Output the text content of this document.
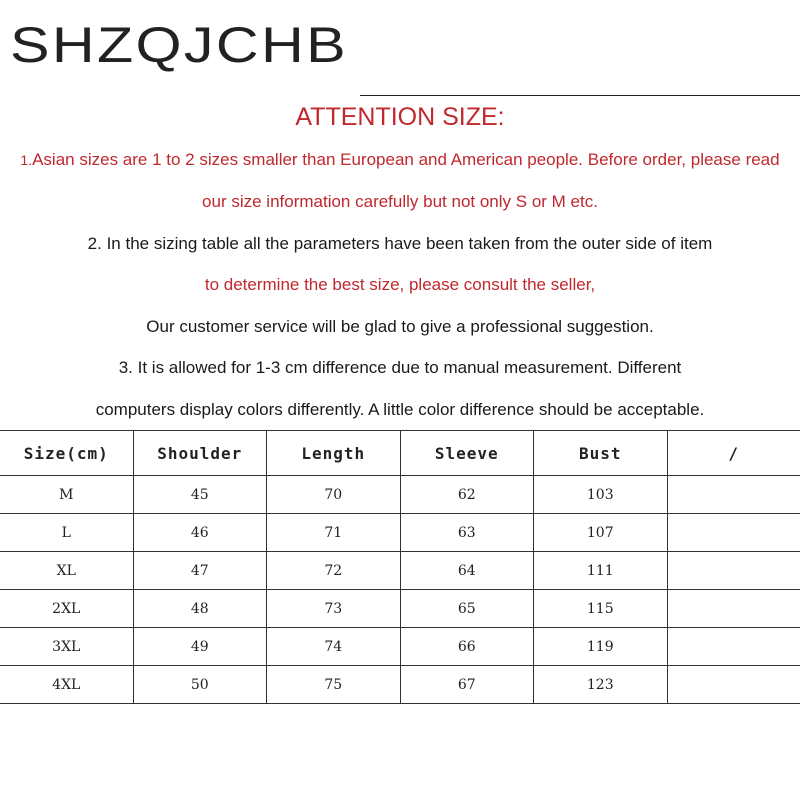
SHZQJCHB
ATTENTION SIZE:
1.Asian sizes are 1 to 2 sizes smaller than European and American people. Before order, please read
our size information carefully but not only S or M etc.
2. In the sizing table all the parameters have been taken from the outer side of item
to determine the best size, please consult the seller,
Our customer service will be glad to give a professional suggestion.
3. It is allowed for 1-3 cm difference due to manual measurement. Different
computers display colors differently. A little color difference should be acceptable.
Size(cm)	Shoulder	Length	Sleeve	Bust	/
M	45	70	62	103	
L	46	71	63	107	
XL	47	72	64	111	
2XL	48	73	65	115	
3XL	49	74	66	119	
4XL	50	75	67	123	
